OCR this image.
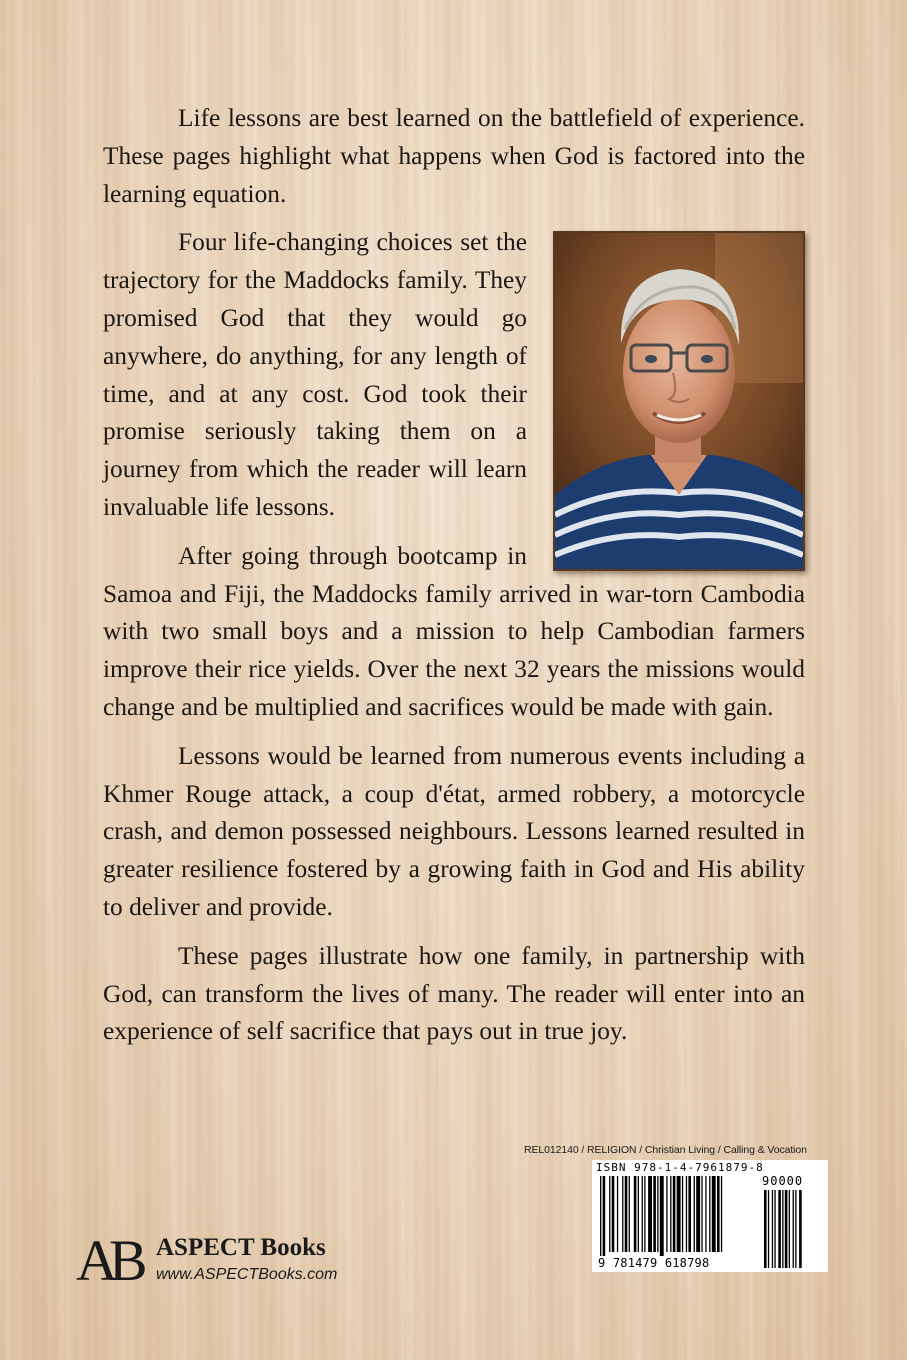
Life lessons are best learned on the battlefield of experience. These pages highlight what happens when God is factored into the learning equation.

Four life-changing choices set the trajectory for the Maddocks family. They promised God that they would go anywhere, do anything, for any length of time, and at any cost. God took their promise seriously taking them on a journey from which the reader will learn invaluable life lessons.

After going through bootcamp in Samoa and Fiji, the Maddocks family arrived in war-torn Cambodia with two small boys and a mission to help Cambodian farmers improve their rice yields. Over the next 32 years the missions would change and be multiplied and sacrifices would be made with gain.

Lessons would be learned from numerous events including a Khmer Rouge attack, a coup d'état, armed robbery, a motorcycle crash, and demon possessed neighbours. Lessons learned resulted in greater resilience fostered by a growing faith in God and His ability to deliver and provide.

These pages illustrate how one family, in partnership with God, can transform the lives of many. The reader will enter into an experience of self sacrifice that pays out in true joy.

REL012140 / RELIGION / Christian Living / Calling & Vocation
ISBN 978-1-4-7961879-8
90000
9 781479 618798
AB ASPECT Books
www.ASPECTBooks.com
